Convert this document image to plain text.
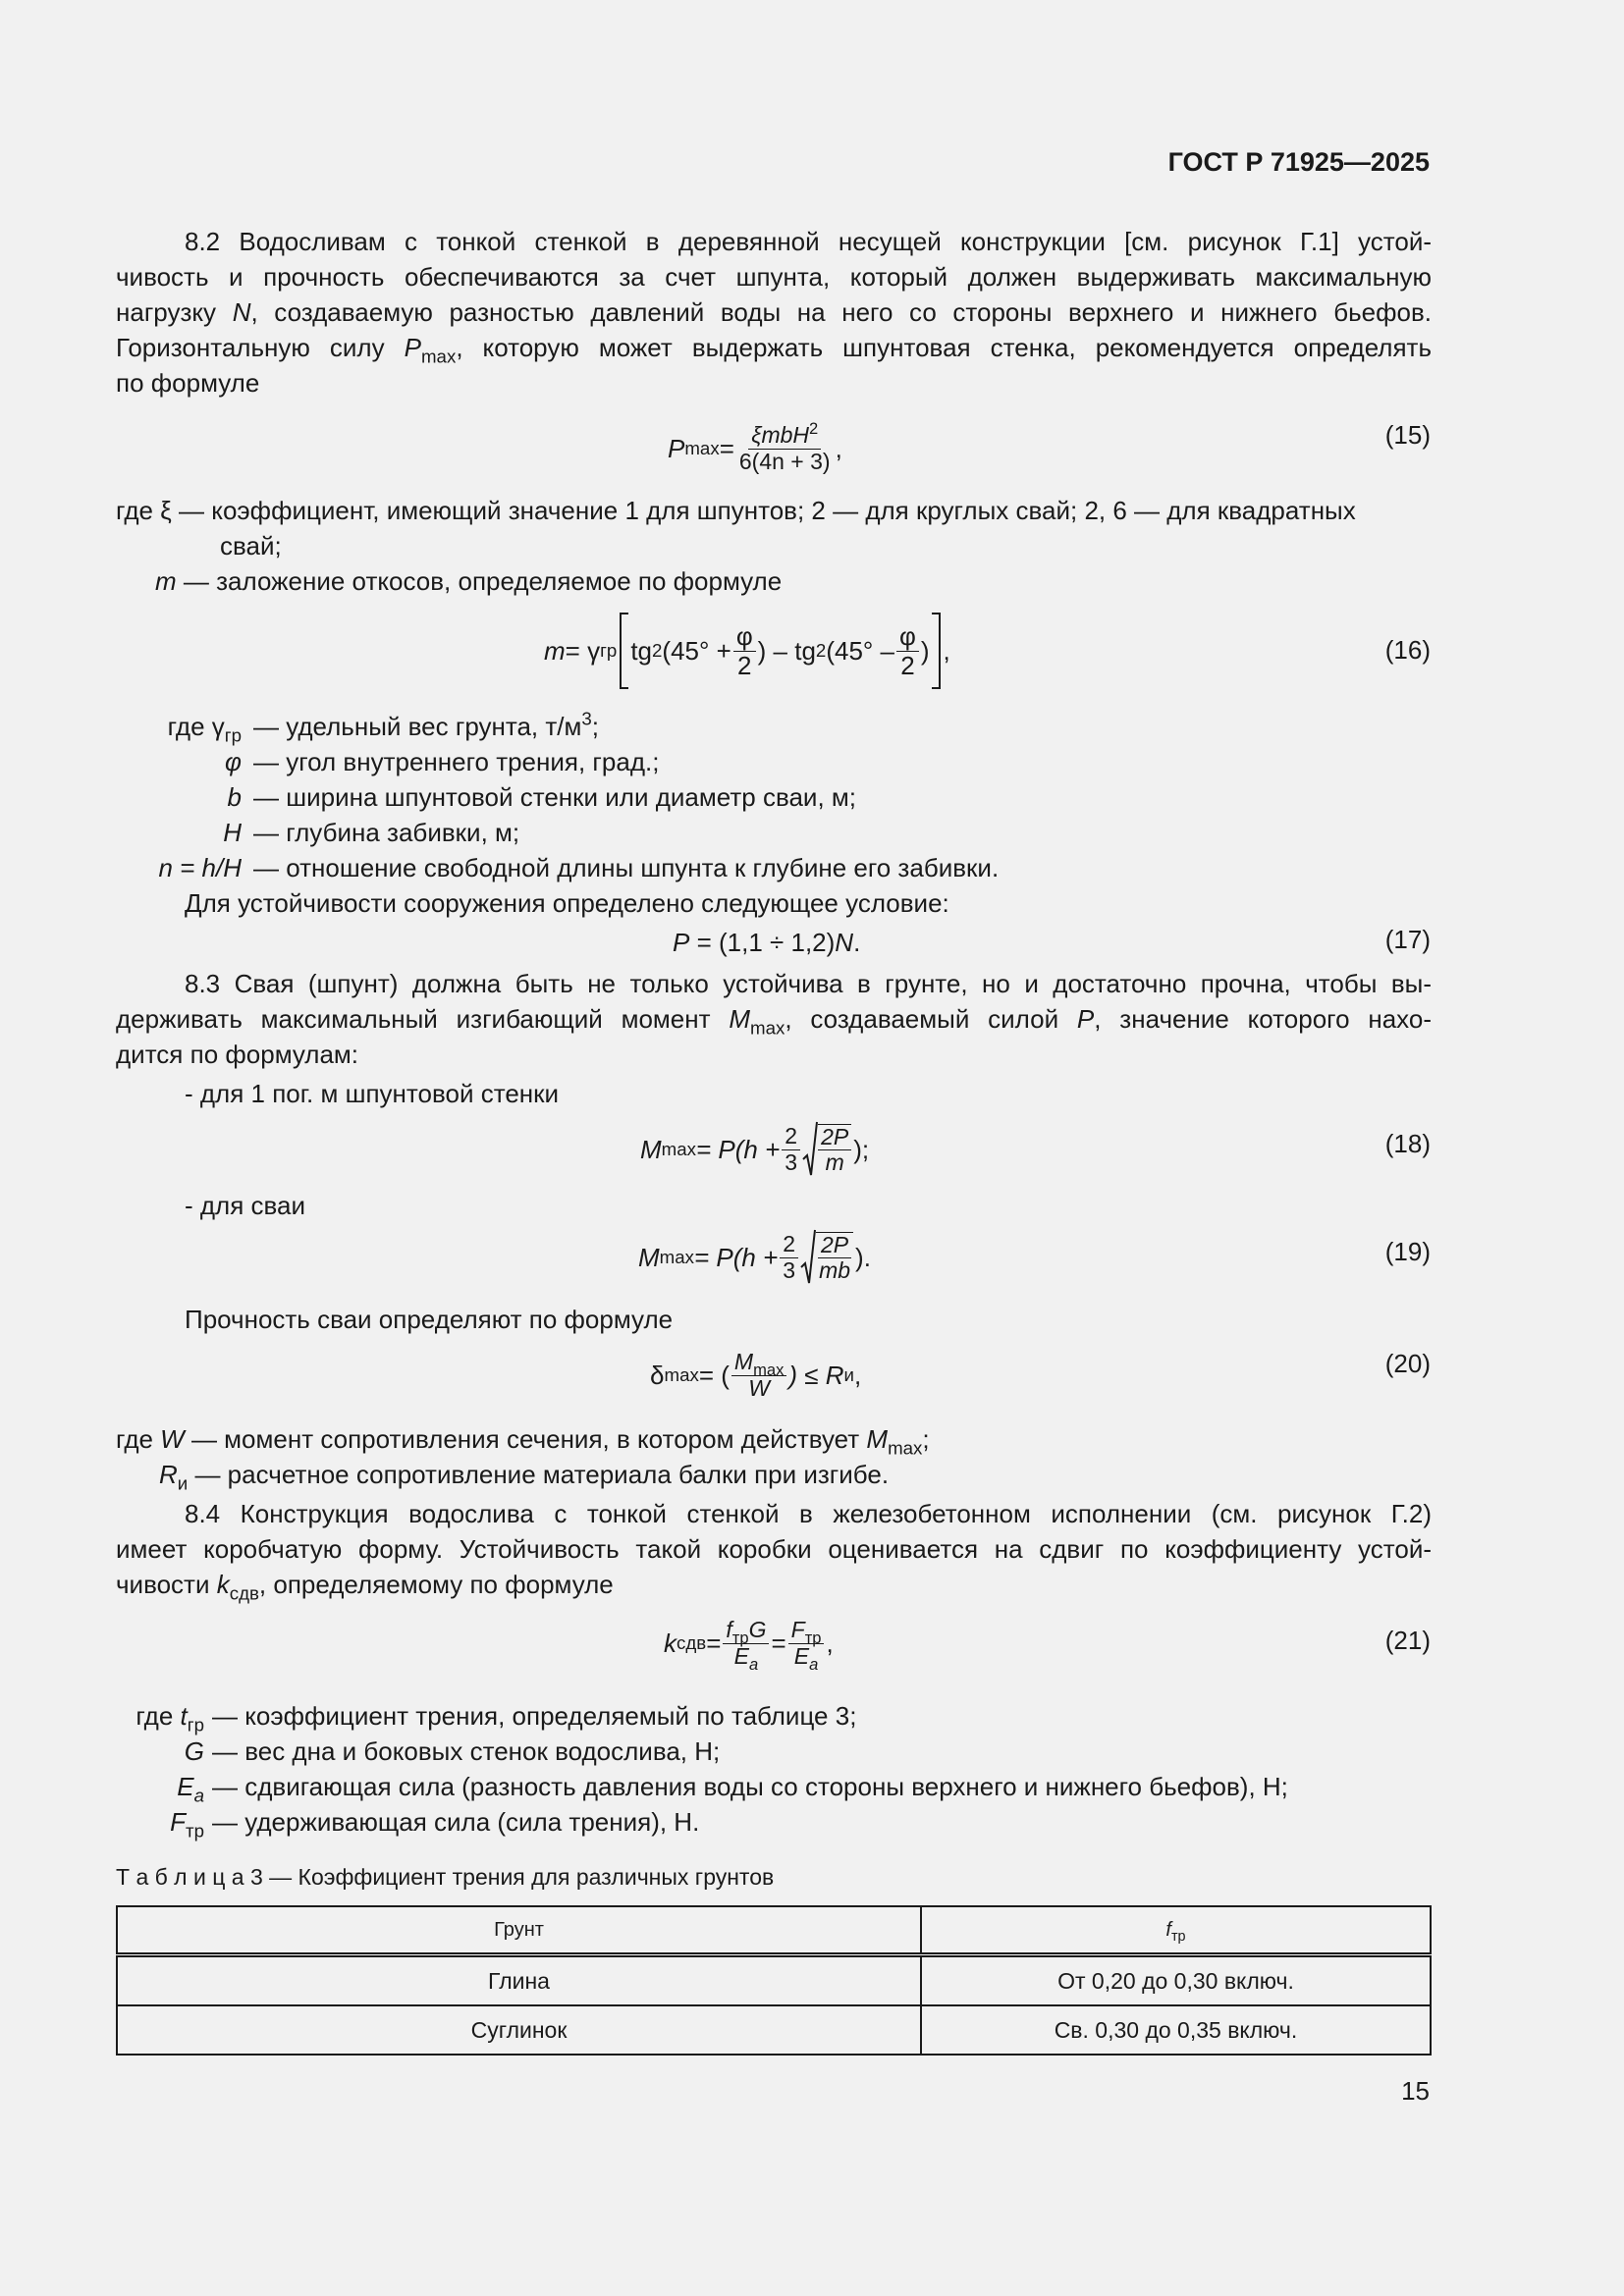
ГОСТ Р 71925—2025
8.2 Водосливам с тонкой стенкой в деревянной несущей конструкции [см. рисунок Г.1] устой-
чивость и прочность обеспечиваются за счет шпунта, который должен выдерживать максимальную
нагрузку N, создаваемую разностью давлений воды на него со стороны верхнего и нижнего бьефов.
Горизонтальную силу $P_{max}$, которую может выдержать шпунтовая стенка, рекомендуется определять
по формуле
P $\max = \frac{\xi mbH^2}{6(4n + 3)}$ ,	(15)
где ξ — коэффициент, имеющий значение 1 для шпунтов; 2 — для круглых свай; 2, 6 — для квадратных
свай;
m — заложение откосов, определяемое по формуле
m = γ гр tg 2 ($45^\circ + \frac{\varphi}{2}$ ) – tg 2 ($45^\circ - \frac{\varphi}{2}$ ) ,	(16)
где $\gamma_{гр}$ — удельный вес грунта, $т/м^3$;
φ — угол внутреннего трения, град.;
b — ширина шпунтовой стенки или диаметр сваи, м;
H — глубина забивки, м;
n = h/H — отношение свободной длины шпунта к глубине его забивки.
Для устойчивости сооружения определено следующее условие:
P = (1,1 ÷ 1,2)N.	(17)
8.3 Свая (шпунт) должна быть не только устойчива в грунте, но и достаточно прочна, чтобы вы-
держивать максимальный изгибающий момент $M_{max}$, создаваемый силой P, значение которого нахо-
дится по формулам:
- для 1 пог. м шпунтовой стенки
M $\max = P(h + \frac{2}{3} \frac{2P}{m}$ );	(18)
- для сваи
M $\max = P(h + \frac{2}{3} \frac{2P}{mb}$ ).	(19)
Прочность сваи определяют по формуле
δ max = ( $\frac{M_{max}}{W}$ ) ≤ R и ,	(20)
где W — момент сопротивления сечения, в котором действует $M_{max}$;
$R_и$ — расчетное сопротивление материала балки при изгибе.
8.4 Конструкция водослива с тонкой стенкой в железобетонном исполнении (см. рисунок Г.2)
имеет коробчатую форму. Устойчивость такой коробки оценивается на сдвиг по коэффициенту устой-
чивости $k_{сдв}$, определяемому по формуле
k сдв = $\frac{f_{тр}G}{E_a} = \frac{F_{тр}}{E_a}$ ,	(21)
где $t_{гр}$ — коэффициент трения, определяемый по таблице 3;
G — вес дна и боковых стенок водослива, Н;
$E_a$ — сдвигающая сила (разность давления воды со стороны верхнего и нижнего бьефов), Н;
$F_{тр}$ — удерживающая сила (сила трения), Н.
Т а б л и ц а 3 — Коэффициент трения для различных грунтов
Грунт	$f_{тр}$
Глина	От 0,20 до 0,30 включ.
Суглинок	Св. 0,30 до 0,35 включ.
15
